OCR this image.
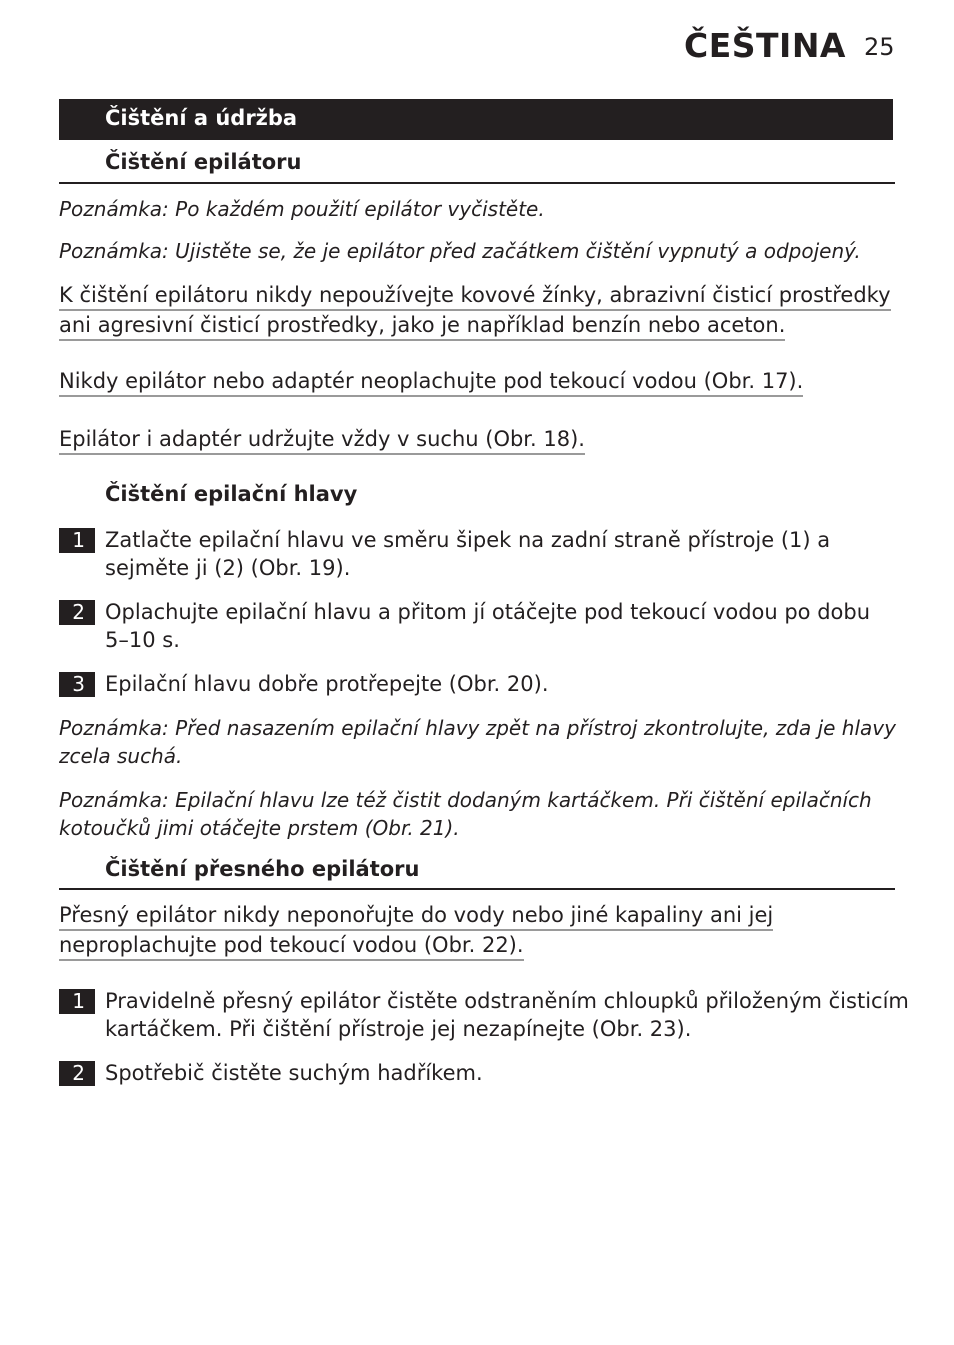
ČEŠTINA 25
Čištění a údržba
Čištění epilátoru
Poznámka: Po každém použití epilátor vyčistěte.
Poznámka: Ujistěte se, že je epilátor před začátkem čištění vypnutý a odpojený.
K čištění epilátoru nikdy nepoužívejte kovové žínky, abrazivní čisticí prostředky
ani agresivní čisticí prostředky, jako je například benzín nebo aceton.
Nikdy epilátor nebo adaptér neoplachujte pod tekoucí vodou (Obr. 17).
Epilátor i adaptér udržujte vždy v suchu (Obr. 18).
Čištění epilační hlavy
1 Zatlačte epilační hlavu ve směru šipek na zadní straně přístroje (1) a
sejměte ji (2) (Obr. 19).
2 Oplachujte epilační hlavu a přitom jí otáčejte pod tekoucí vodou po dobu
5–10 s.
3 Epilační hlavu dobře protřepejte (Obr. 20).
Poznámka: Před nasazením epilační hlavy zpět na přístroj zkontrolujte, zda je hlavy
zcela suchá.
Poznámka: Epilační hlavu lze též čistit dodaným kartáčkem. Při čištění epilačních
kotoučků jimi otáčejte prstem (Obr. 21).
Čištění přesného epilátoru
Přesný epilátor nikdy neponořujte do vody nebo jiné kapaliny ani jej
neproplachujte pod tekoucí vodou (Obr. 22).
1 Pravidelně přesný epilátor čistěte odstraněním chloupků přiloženým čisticím
kartáčkem. Při čištění přístroje jej nezapínejte (Obr. 23).
2 Spotřebič čistěte suchým hadříkem.
